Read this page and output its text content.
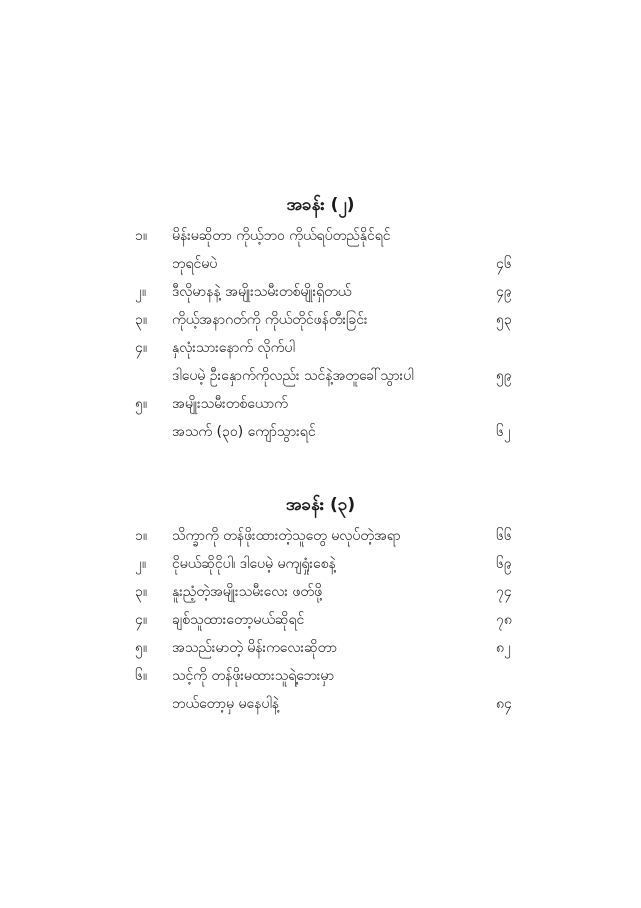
အခန်း (၂)
၁။	မိန်းမဆိုတာ ကိုယ့်ဘဝ ကိုယ်ရပ်တည်နိုင်ရင်
ဘုရင်မပဲ	၄၆
၂။	ဒီလိုမာနနဲ့ အမျိုးသမီးတစ်မျိုးရှိတယ်	၄၉
၃။	ကိုယ့်အနာဂတ်ကို ကိုယ်တိုင်ဖန်တီးခြင်း	၅၃
၄။	နှလုံးသားနောက် လိုက်ပါ
ဒါပေမဲ့ ဦးနှောက်ကိုလည်း သင်နဲ့အတူခေါ်သွားပါ	၅၉
၅။	အမျိုးသမီးတစ်ယောက်
အသက် (၃၀) ကျော်သွားရင်	၆၂
အခန်း (၃)
၁။	သိက္ခာကို တန်ဖိုးထားတဲ့သူတွေ မလုပ်တဲ့အရာ	၆၆
၂။	ငိုမယ်ဆိုငိုပါ၊ ဒါပေမဲ့ မကျရှုံးစေနဲ့	၆၉
၃။	နူးညံ့တဲ့အမျိုးသမီးလေး ဖတ်ဖို့	၇၄
၄။	ချစ်သူထားတော့မယ်ဆိုရင်	၇၈
၅။	အသည်းမာတဲ့ မိန်းကလေးဆိုတာ	၈၂
၆။	သင့်ကို တန်ဖိုးမထားသူရဲ့ဘေးမှာ
ဘယ်တော့မှ မနေပါနဲ့	၈၄
